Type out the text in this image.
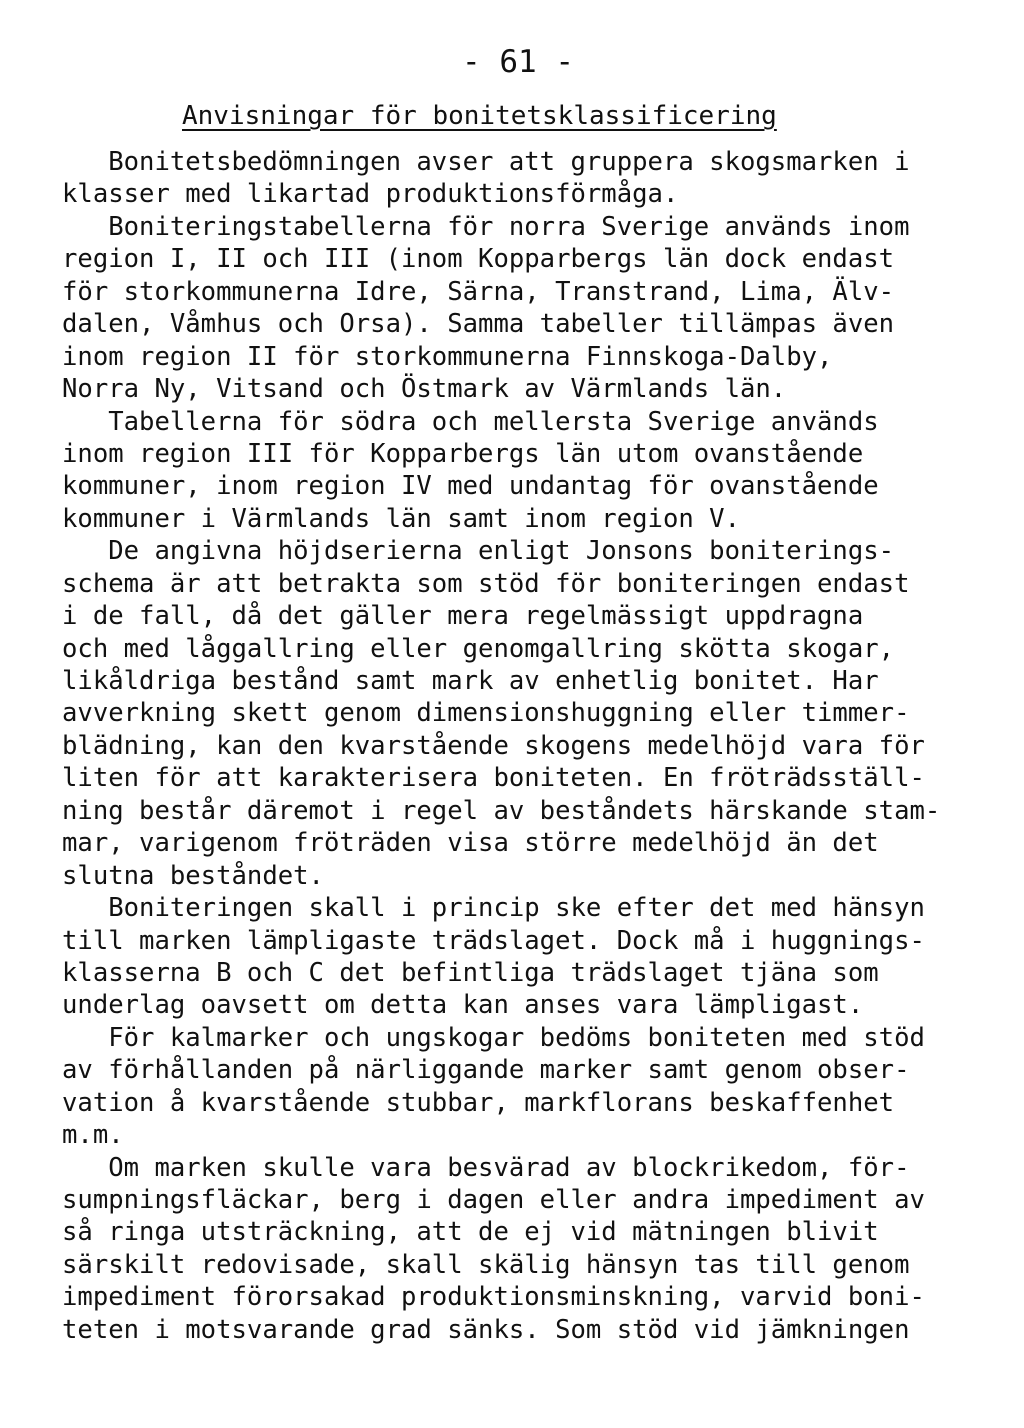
- 61 -
Anvisningar för bonitetsklassificering
Bonitetsbedömningen avser att gruppera skogsmarken i
klasser med likartad produktionsförmåga.
Boniteringstabellerna för norra Sverige används inom
region I, II och III (inom Kopparbergs län dock endast
för storkommunerna Idre, Särna, Transtrand, Lima, Älv-
dalen, Våmhus och Orsa). Samma tabeller tillämpas även
inom region II för storkommunerna Finnskoga-Dalby,
Norra Ny, Vitsand och Östmark av Värmlands län.
Tabellerna för södra och mellersta Sverige används
inom region III för Kopparbergs län utom ovanstående
kommuner, inom region IV med undantag för ovanstående
kommuner i Värmlands län samt inom region V.
De angivna höjdserierna enligt Jonsons boniterings-
schema är att betrakta som stöd för boniteringen endast
i de fall, då det gäller mera regelmässigt uppdragna
och med låggallring eller genomgallring skötta skogar,
likåldriga bestånd samt mark av enhetlig bonitet. Har
avverkning skett genom dimensionshuggning eller timmer-
blädning, kan den kvarstående skogens medelhöjd vara för
liten för att karakterisera boniteten. En fröträdsställ-
ning består däremot i regel av beståndets härskande stam-
mar, varigenom fröträden visa större medelhöjd än det
slutna beståndet.
Boniteringen skall i princip ske efter det med hänsyn
till marken lämpligaste trädslaget. Dock må i huggnings-
klasserna B och C det befintliga trädslaget tjäna som
underlag oavsett om detta kan anses vara lämpligast.
För kalmarker och ungskogar bedöms boniteten med stöd
av förhållanden på närliggande marker samt genom obser-
vation å kvarstående stubbar, markflorans beskaffenhet
m.m.
Om marken skulle vara besvärad av blockrikedom, för-
sumpningsfläckar, berg i dagen eller andra impediment av
så ringa utsträckning, att de ej vid mätningen blivit
särskilt redovisade, skall skälig hänsyn tas till genom
impediment förorsakad produktionsminskning, varvid boni-
teten i motsvarande grad sänks. Som stöd vid jämkningen
